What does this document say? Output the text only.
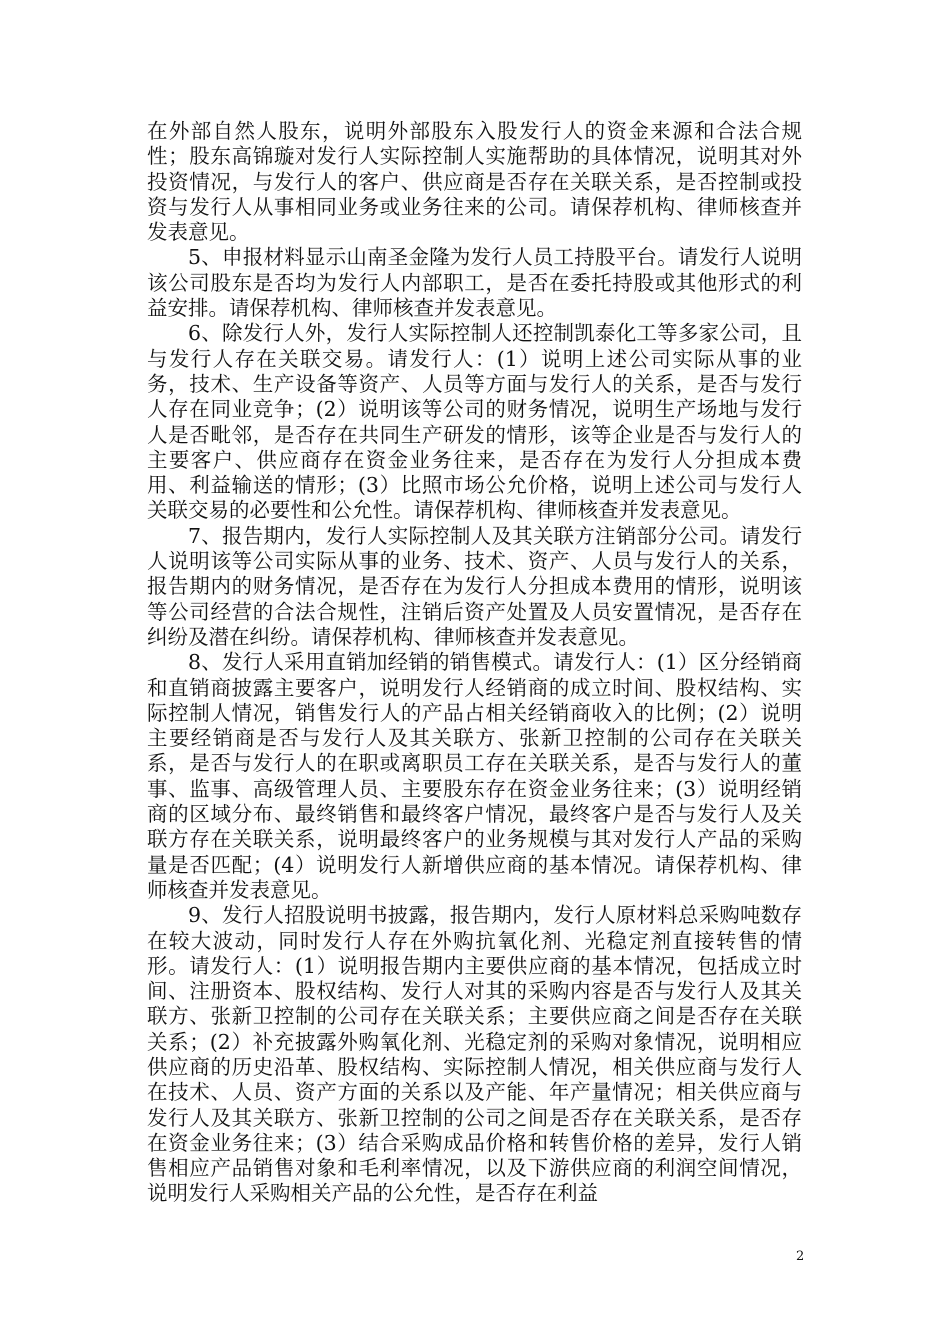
在外部自然人股东，说明外部股东入股发行人的资金来源和合法合规性；股东高锦璇对发行人实际控制人实施帮助的具体情况，说明其对外投资情况，与发行人的客户、供应商是否存在关联关系，是否控制或投资与发行人从事相同业务或业务往来的公司。请保荐机构、律师核查并发表意见。

5、申报材料显示山南圣金隆为发行人员工持股平台。请发行人说明该公司股东是否均为发行人内部职工，是否在委托持股或其他形式的利益安排。请保荐机构、律师核查并发表意见。

6、除发行人外，发行人实际控制人还控制凯泰化工等多家公司，且与发行人存在关联交易。请发行人：(1）说明上述公司实际从事的业务，技术、生产设备等资产、人员等方面与发行人的关系，是否与发行人存在同业竞争；(2）说明该等公司的财务情况，说明生产场地与发行人是否毗邻，是否存在共同生产研发的情形，该等企业是否与发行人的主要客户、供应商存在资金业务往来，是否存在为发行人分担成本费用、利益输送的情形；(3）比照市场公允价格，说明上述公司与发行人关联交易的必要性和公允性。请保荐机构、律师核查并发表意见。

7、报告期内，发行人实际控制人及其关联方注销部分公司。请发行人说明该等公司实际从事的业务、技术、资产、人员与发行人的关系，报告期内的财务情况，是否存在为发行人分担成本费用的情形，说明该等公司经营的合法合规性，注销后资产处置及人员安置情况，是否存在纠纷及潜在纠纷。请保荐机构、律师核查并发表意见。

8、发行人采用直销加经销的销售模式。请发行人：(1）区分经销商和直销商披露主要客户，说明发行人经销商的成立时间、股权结构、实际控制人情况，销售发行人的产品占相关经销商收入的比例；(2）说明主要经销商是否与发行人及其关联方、张新卫控制的公司存在关联关系，是否与发行人的在职或离职员工存在关联关系，是否与发行人的董事、监事、高级管理人员、主要股东存在资金业务往来；(3）说明经销商的区域分布、最终销售和最终客户情况，最终客户是否与发行人及关联方存在关联关系，说明最终客户的业务规模与其对发行人产品的采购量是否匹配；(4）说明发行人新增供应商的基本情况。请保荐机构、律师核查并发表意见。

9、发行人招股说明书披露，报告期内，发行人原材料总采购吨数存在较大波动，同时发行人存在外购抗氧化剂、光稳定剂直接转售的情形。请发行人：(1）说明报告期内主要供应商的基本情况，包括成立时间、注册资本、股权结构、发行人对其的采购内容是否与发行人及其关联方、张新卫控制的公司存在关联关系；主要供应商之间是否存在关联关系；(2）补充披露外购氧化剂、光稳定剂的采购对象情况，说明相应供应商的历史沿革、股权结构、实际控制人情况，相关供应商与发行人在技术、人员、资产方面的关系以及产能、年产量情况；相关供应商与发行人及其关联方、张新卫控制的公司之间是否存在关联关系，是否存在资金业务往来；(3）结合采购成品价格和转售价格的差异，发行人销售相应产品销售对象和毛利率情况，以及下游供应商的利润空间情况，说明发行人采购相关产品的公允性，是否存在利益

2
